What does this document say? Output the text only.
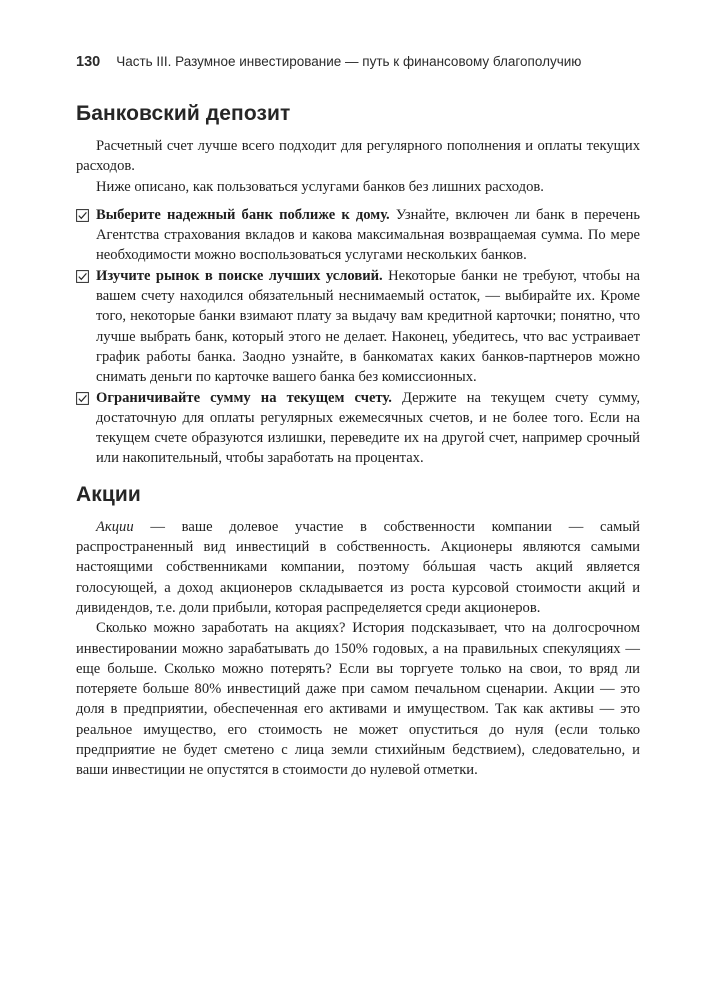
130 Часть III. Разумное инвестирование — путь к финансовому благополучию
Банковский депозит

Расчетный счет лучше всего подходит для регулярного пополнения и оплаты текущих расходов.

Ниже описано, как пользоваться услугами банков без лишних расходов.

Выберите надежный банк поближе к дому. Узнайте, включен ли банк в перечень Агентства страхования вкладов и какова максимальная возвращаемая сумма. По мере необходимости можно воспользоваться услугами нескольких банков.
Изучите рынок в поиске лучших условий. Некоторые банки не требуют, чтобы на вашем счету находился обязательный неснимаемый остаток, — выбирайте их. Кроме того, некоторые банки взимают плату за выдачу вам кредитной карточки; понятно, что лучше выбрать банк, который этого не делает. Наконец, убедитесь, что вас устраивает график работы банка. Заодно узнайте, в банкоматах каких банков-партнеров можно снимать деньги по карточке вашего банка без комиссионных.
Ограничивайте сумму на текущем счету. Держите на текущем счету сумму, достаточную для оплаты регулярных ежемесячных счетов, и не более того. Если на текущем счете образуются излишки, переведите их на другой счет, например срочный или накопительный, чтобы заработать на процентах.
Акции

Акции — ваше долевое участие в собственности компании — самый распространенный вид инвестиций в собственность. Акционеры являются самыми настоящими собственниками компании, поэтому бóльшая часть акций является голосующей, а доход акционеров складывается из роста курсовой стоимости акций и дивидендов, т.е. доли прибыли, которая распределяется среди акционеров.

Сколько можно заработать на акциях? История подсказывает, что на долгосрочном инвестировании можно зарабатывать до 150% годовых, а на правильных спекуляциях — еще больше. Сколько можно потерять? Если вы торгуете только на свои, то вряд ли потеряете больше 80% инвестиций даже при самом печальном сценарии. Акции — это доля в предприятии, обеспеченная его активами и имуществом. Так как активы — это реальное имущество, его стоимость не может опуститься до нуля (если только предприятие не будет сметено с лица земли стихийным бедствием), следовательно, и ваши инвестиции не опустятся в стоимости до нулевой отметки.
